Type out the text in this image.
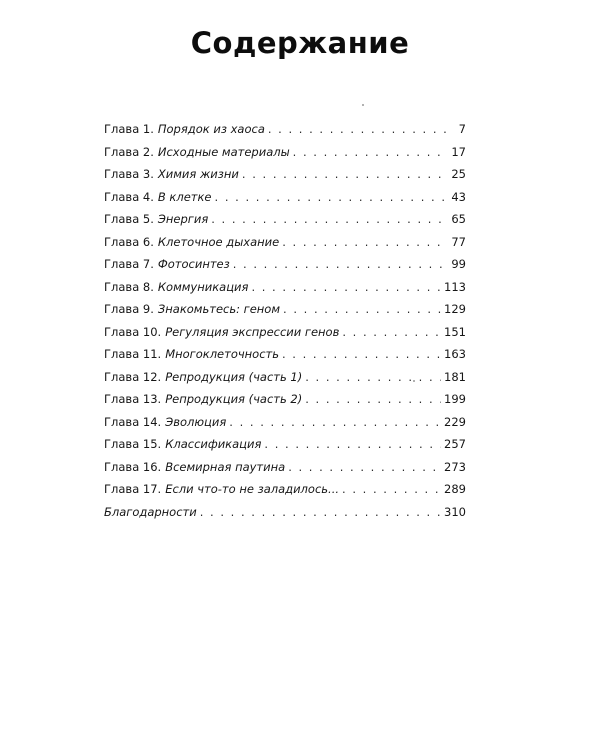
Содержание
Глава 1. Порядок из хаоса . . .	7
Глава 2. Исходные материалы . . .	17
Глава 3. Химия жизни . . .	25
Глава 4. В клетке . . .	43
Глава 5. Энергия . . .	65
Глава 6. Клеточное дыхание . . .	77
Глава 7. Фотосинтез . . .	99
Глава 8. Коммуникация . . .	113
Глава 9. Знакомьтесь: геном . . .	129
Глава 10. Регуляция экспрессии генов . . .	151
Глава 11. Многоклеточность . . .	163
Глава 12. Репродукция (часть 1) . . .	181
Глава 13. Репродукция (часть 2) . . .	199
Глава 14. Эволюция . . .	229
Глава 15. Классификация . . .	257
Глава 16. Всемирная паутина . . .	273
Глава 17. Если что-то не заладилось... . . .	289
Благодарности . . .	310
